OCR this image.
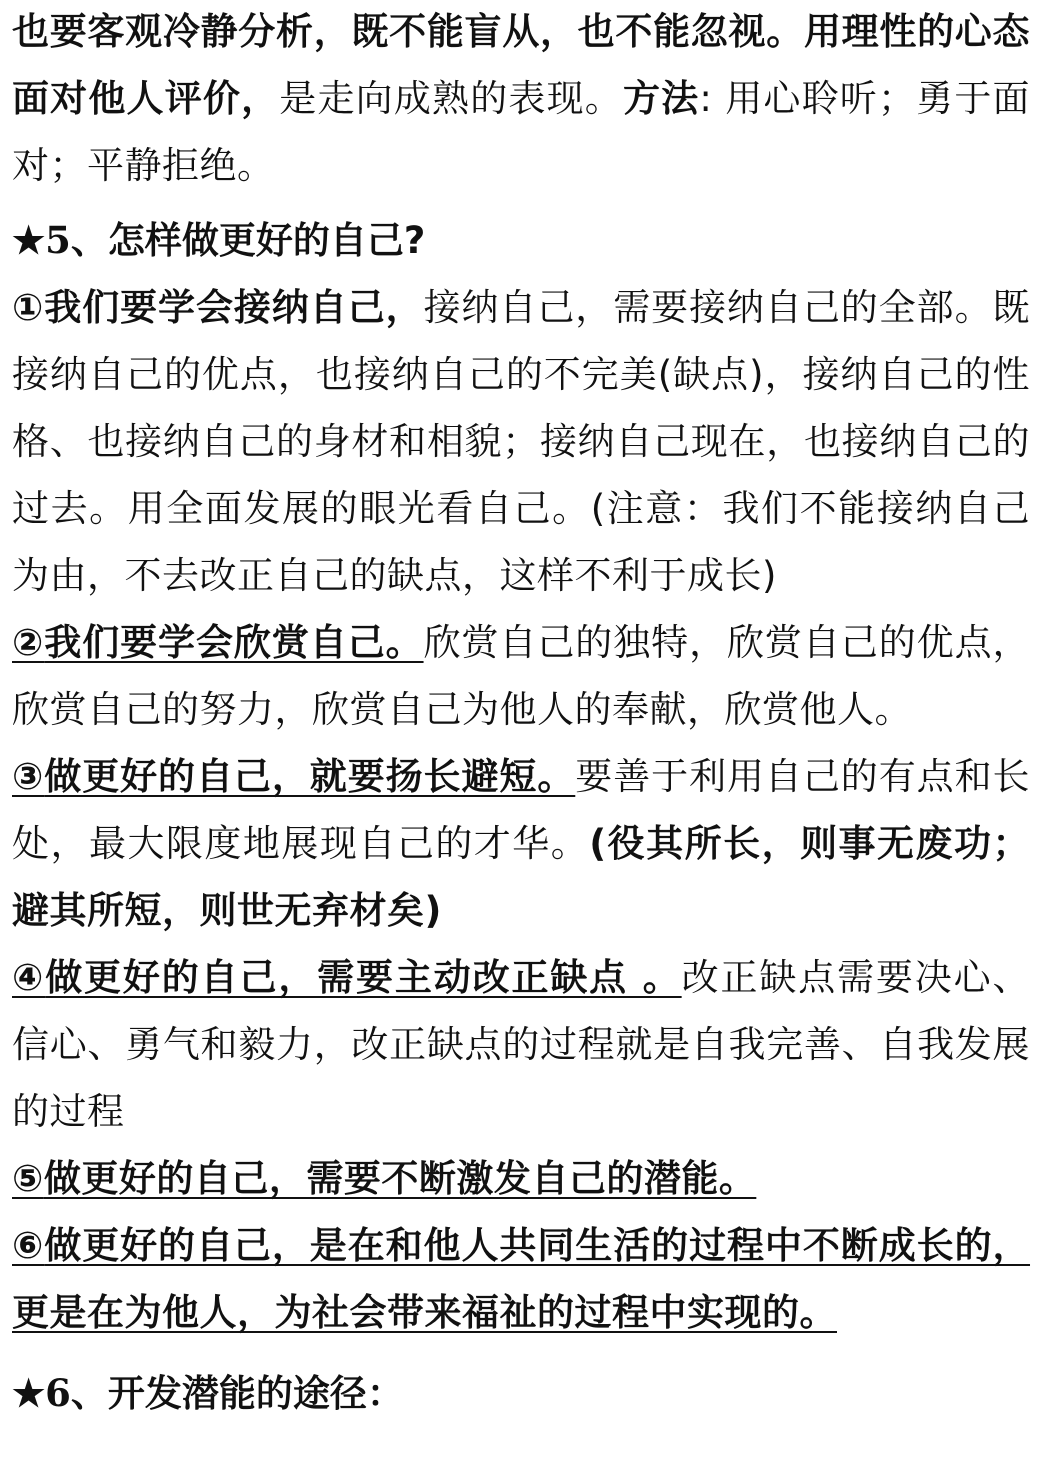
也要客观冷静分析，既不能盲从，也不能忽视。用理性的心态面对他人评价，是走向成熟的表现。方法: 用心聆听；勇于面对；平静拒绝。

★5、怎样做更好的自己?

①我们要学会接纳自己，接纳自己，需要接纳自己的全部。既接纳自己的优点，也接纳自己的不完美(缺点)，接纳自己的性格、也接纳自己的身材和相貌；接纳自己现在，也接纳自己的过去。用全面发展的眼光看自己。(注意：我们不能接纳自己为由，不去改正自己的缺点，这样不利于成长)

②我们要学会欣赏自己。欣赏自己的独特，欣赏自己的优点，欣赏自己的努力，欣赏自己为他人的奉献，欣赏他人。

③做更好的自己，就要扬长避短。要善于利用自己的有点和长处，最大限度地展现自己的才华。(役其所长，则事无废功；避其所短，则世无弃材矣)

④做更好的自己，需要主动改正缺点 。改正缺点需要决心、信心、勇气和毅力，改正缺点的过程就是自我完善、自我发展的过程

⑤做更好的自己，需要不断激发自己的潜能。

⑥做更好的自己，是在和他人共同生活的过程中不断成长的，更是在为他人，为社会带来福祉的过程中实现的。

★6、开发潜能的途径：
